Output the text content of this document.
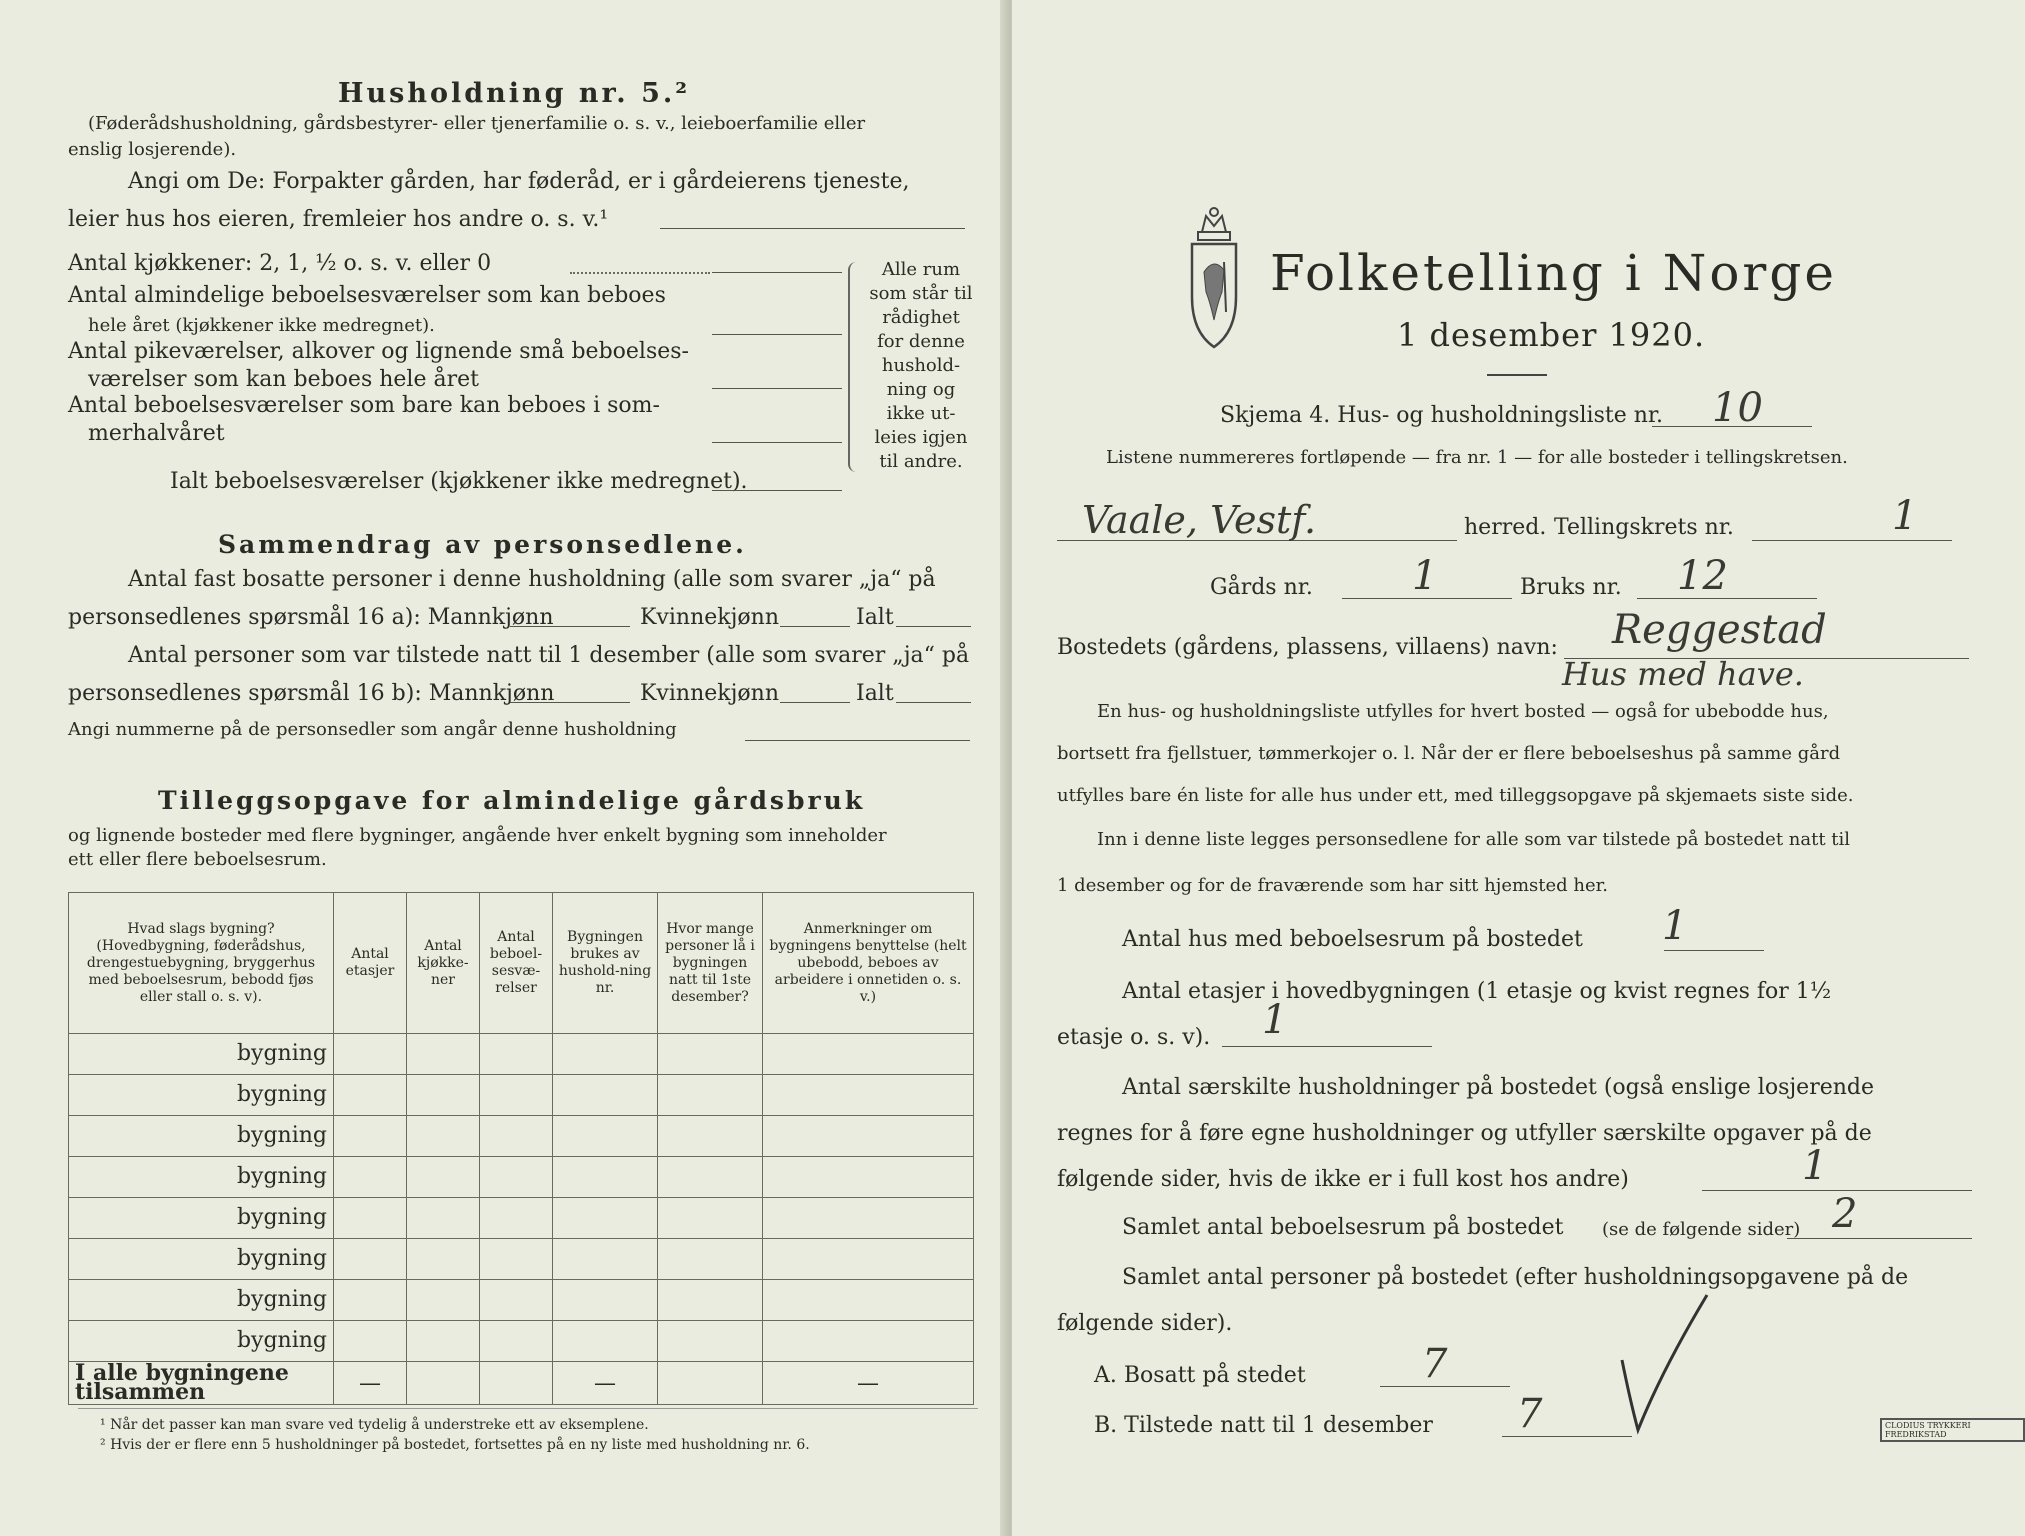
Husholdning nr. 5.²
(Føderådshusholdning, gårdsbestyrer- eller tjenerfamilie o. s. v., leieboerfamilie eller
enslig losjerende).
Angi om De: Forpakter gården, har føderåd, er i gårdeierens tjeneste,
leier hus hos eieren, fremleier hos andre o. s. v.¹
Antal kjøkkener: 2, 1, ½ o. s. v. eller 0
Antal almindelige beboelsesværelser som kan beboes
hele året (kjøkkener ikke medregnet).
Antal pikeværelser, alkover og lignende små beboelses-
værelser som kan beboes hele året
Antal beboelsesværelser som bare kan beboes i som-
merhalvåret
Ialt beboelsesværelser (kjøkkener ikke medregnet).
Alle rum
som står til
rådighet
for denne
hushold-
ning og
ikke ut-
leies igjen
til andre.
Sammendrag av personsedlene.
Antal fast bosatte personer i denne husholdning (alle som svarer „ja“ på
personsedlenes spørsmål 16 a): Mannkjønn	Kvinnekjønn	Ialt
Antal personer som var tilstede natt til 1 desember (alle som svarer „ja“ på
personsedlenes spørsmål 16 b): Mannkjønn	Kvinnekjønn	Ialt
Angi nummerne på de personsedler som angår denne husholdning
Tilleggsopgave for almindelige gårdsbruk
og lignende bosteder med flere bygninger, angående hver enkelt bygning som inneholder
ett eller flere beboelsesrum.
Hvad slags bygning? (Hovedbygning, føderådshus, drengestuebygning, bryggerhus med beboelsesrum, bebodd fjøs eller stall o. s. v).	Antal etasjer	Antal kjøkke-ner	Antal beboel-sesvæ-relser	Bygningen brukes av hushold-ning nr.	Hvor mange personer lå i bygningen natt til 1ste desember?	Anmerkninger om bygningens benyttelse (helt ubebodd, beboes av arbeidere i onnetiden o. s. v.)
bygning						
bygning						
bygning						
bygning						
bygning						
bygning						
bygning						
bygning						
I alle bygningene tilsammen	—			—		—
¹ Når det passer kan man svare ved tydelig å understreke ett av eksemplene.
² Hvis der er flere enn 5 husholdninger på bostedet, fortsettes på en ny liste med husholdning nr. 6.
Folketelling i Norge
1 desember 1920.
Skjema 4. Hus- og husholdningsliste nr. 10
Listene nummereres fortløpende — fra nr. 1 — for alle bosteder i tellingskretsen.
Vaale, Vestf.	herred. Tellingskrets nr.	1
Gårds nr. 1	Bruks nr. 12
Bostedets (gårdens, plassens, villaens) navn: Reggestad
Hus med have.
En hus- og husholdningsliste utfylles for hvert bosted — også for ubebodde hus,
bortsett fra fjellstuer, tømmerkojer o. l. Når der er flere beboelseshus på samme gård
utfylles bare én liste for alle hus under ett, med tilleggsopgave på skjemaets siste side.
Inn i denne liste legges personsedlene for alle som var tilstede på bostedet natt til
1 desember og for de fraværende som har sitt hjemsted her.
Antal hus med beboelsesrum på bostedet 1
Antal etasjer i hovedbygningen (1 etasje og kvist regnes for 1½
etasje o. s. v). 1
Antal særskilte husholdninger på bostedet (også enslige losjerende
regnes for å føre egne husholdninger og utfyller særskilte opgaver på de
følgende sider, hvis de ikke er i full kost hos andre)	1
Samlet antal beboelsesrum på bostedet (se de følgende sider) 2
Samlet antal personer på bostedet (efter husholdningsopgavene på de
følgende sider).
A. Bosatt på stedet	7
B. Tilstede natt til 1 desember 7	CLODIUS TRYKKERI FREDRIKSTAD
